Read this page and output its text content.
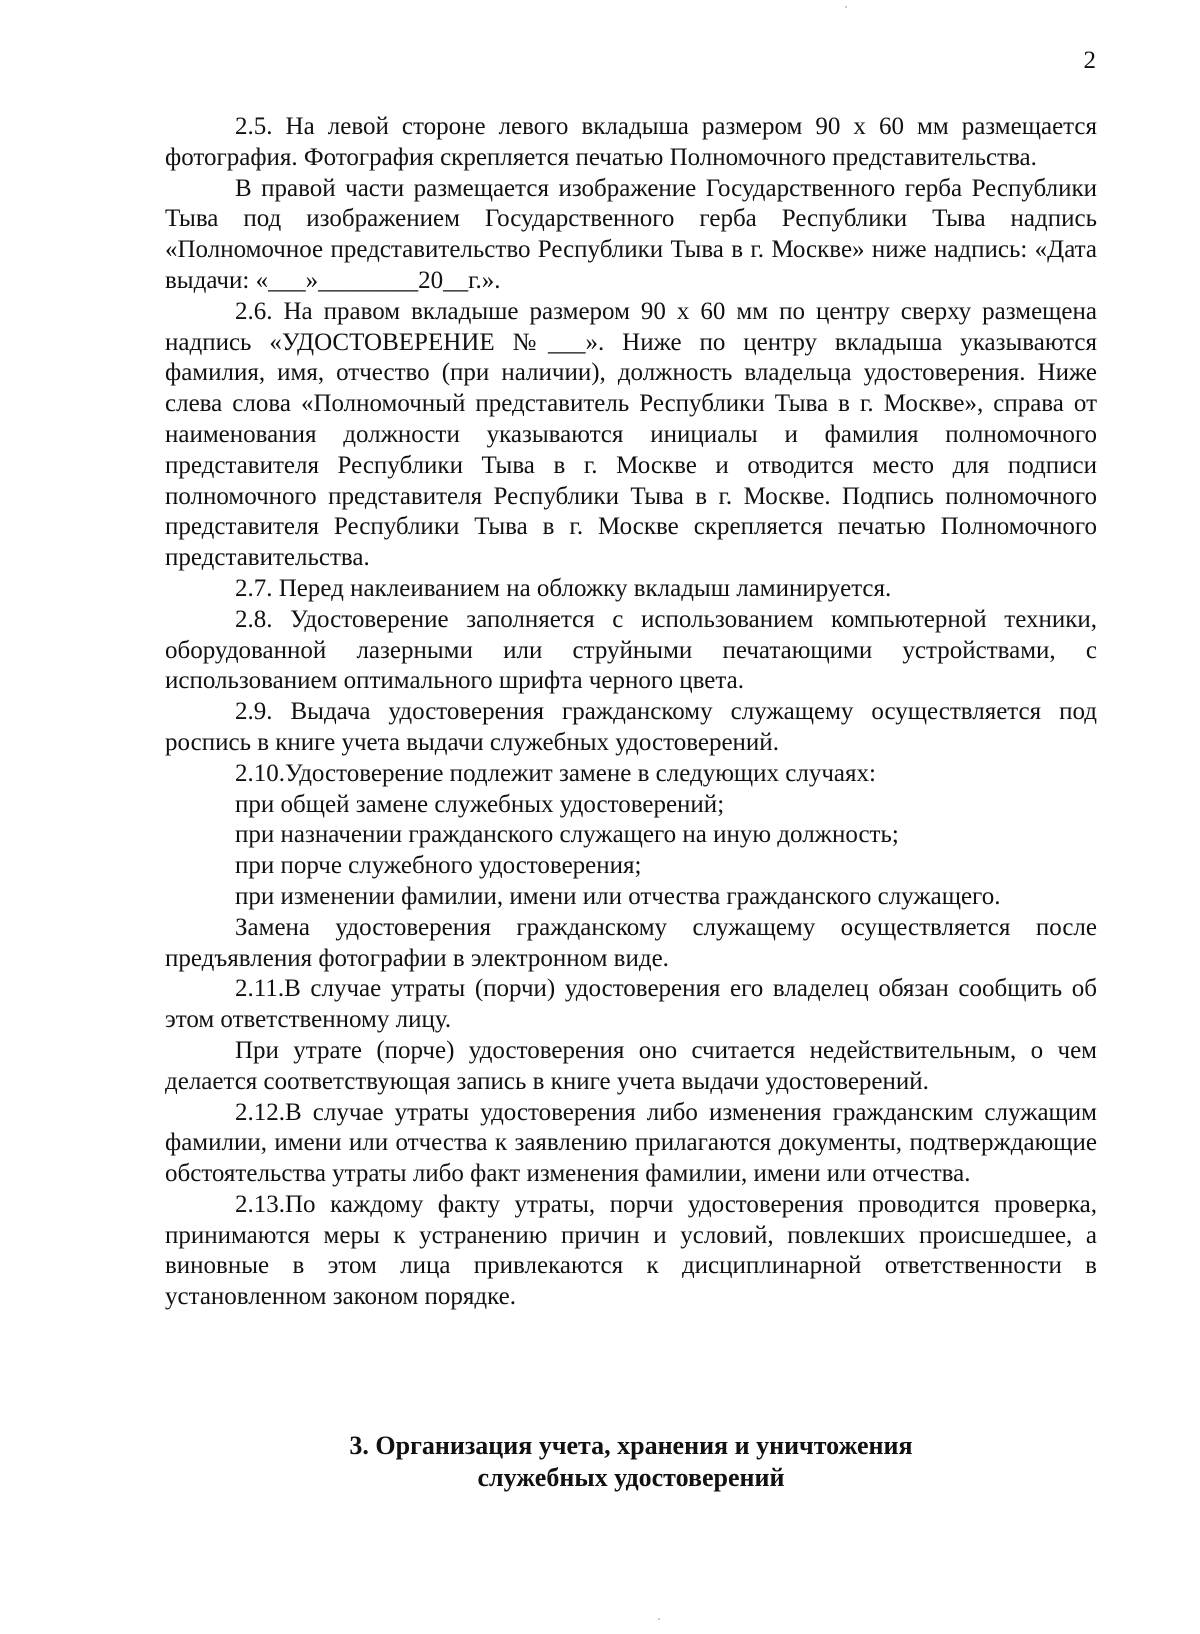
2

2.5. На левой стороне левого вкладыша размером 90 х 60 мм размещается фотография. Фотография скрепляется печатью Полномочного представительства.

В правой части размещается изображение Государственного герба Республики Тыва под изображением Государственного герба Республики Тыва надпись «Полномочное представительство Республики Тыва в г. Москве» ниже надпись: «Дата выдачи: «___»________20__г.».

2.6. На правом вкладыше размером 90 х 60 мм по центру сверху размещена надпись «УДОСТОВЕРЕНИЕ №___». Ниже по центру вкладыша указываются фамилия, имя, отчество (при наличии), должность владельца удостоверения. Ниже слева слова «Полномочный представитель Республики Тыва в г. Москве», справа от наименования должности указываются инициалы и фамилия полномочного представителя Республики Тыва в г. Москве и отводится место для подписи полномочного представителя Республики Тыва в г. Москве. Подпись полномочного представителя Республики Тыва в г. Москве скрепляется печатью Полномочного представительства.

2.7. Перед наклеиванием на обложку вкладыш ламинируется.

2.8. Удостоверение заполняется с использованием компьютерной техники, оборудованной лазерными или струйными печатающими устройствами, с использованием оптимального шрифта черного цвета.

2.9. Выдача удостоверения гражданскому служащему осуществляется под роспись в книге учета выдачи служебных удостоверений.

2.10.Удостоверение подлежит замене в следующих случаях:

при общей замене служебных удостоверений;

при назначении гражданского служащего на иную должность;

при порче служебного удостоверения;

при изменении фамилии, имени или отчества гражданского служащего.

Замена удостоверения гражданскому служащему осуществляется после предъявления фотографии в электронном виде.

2.11.В случае утраты (порчи) удостоверения его владелец обязан сообщить об этом ответственному лицу.

При утрате (порче) удостоверения оно считается недействительным, о чем делается соответствующая запись в книге учета выдачи удостоверений.

2.12.В случае утраты удостоверения либо изменения гражданским служащим фамилии, имени или отчества к заявлению прилагаются документы, подтверждающие обстоятельства утраты либо факт изменения фамилии, имени или отчества.

2.13.По каждому факту утраты, порчи удостоверения проводится проверка, принимаются меры к устранению причин и условий, повлекших происшедшее, а виновные в этом лица привлекаются к дисциплинарной ответственности в установленном законом порядке.

3. Организация учета, хранения и уничтожения
служебных удостоверений
